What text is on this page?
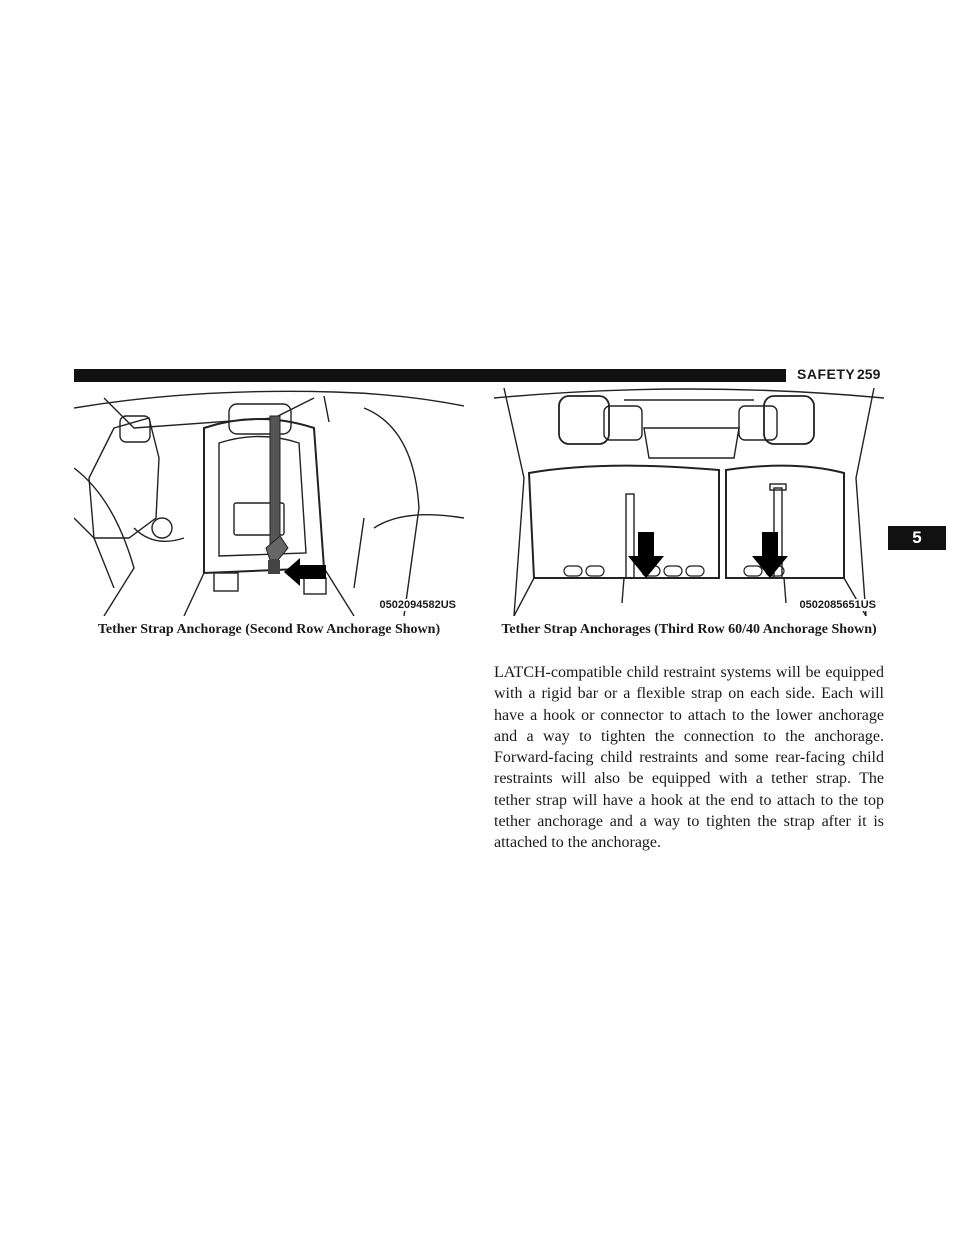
SAFETY 259
5
0502094582US	0502085651US
Tether Strap Anchorage (Second Row Anchorage Shown)	Tether Strap Anchorages (Third Row 60/40 Anchorage Shown)
LATCH-compatible child restraint systems will be equipped with a rigid bar or a flexible strap on each side. Each will have a hook or connector to attach to the lower anchorage and a way to tighten the connection to the anchorage. Forward-facing child restraints and some rear-facing child restraints will also be equipped with a tether strap. The tether strap will have a hook at the end to attach to the top tether anchorage and a way to tighten the strap after it is attached to the anchorage.
